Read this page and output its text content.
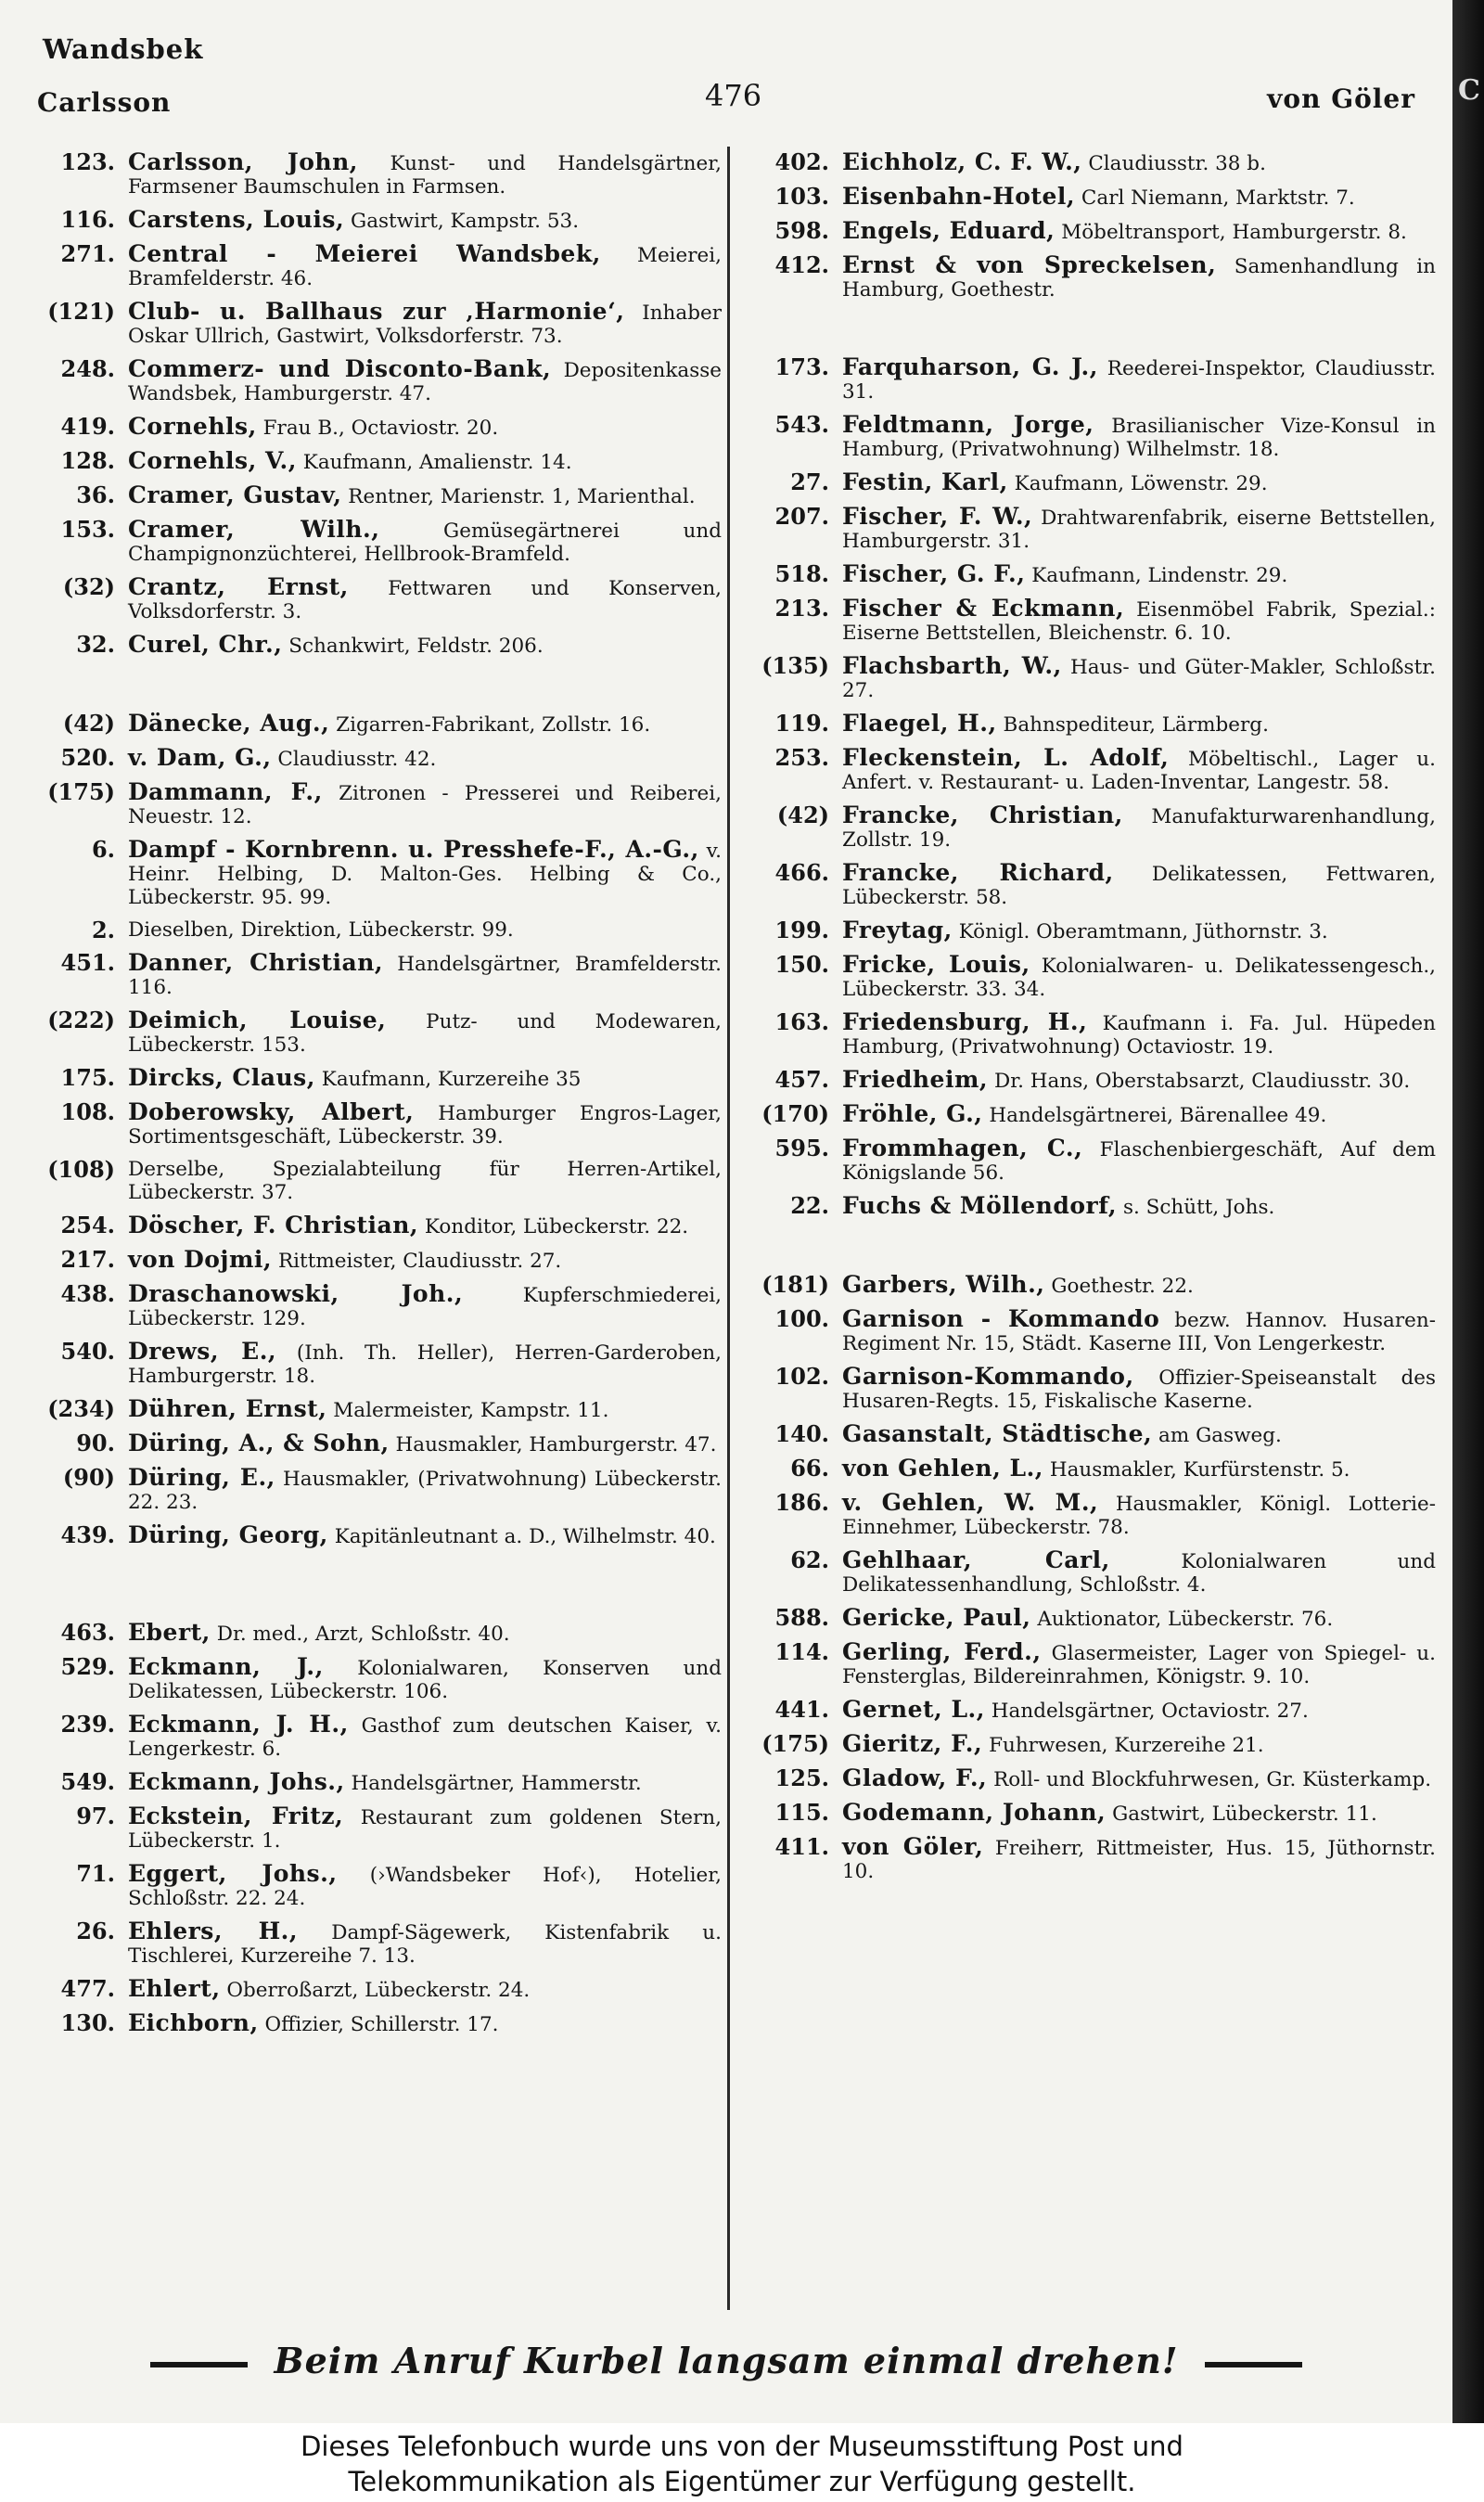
Wandsbek
Carlsson	476	von Göler
123. Carlsson, John, Kunst- und Handelsgärtner, Farmsener Baumschulen in Farmsen.
116. Carstens, Louis, Gastwirt, Kampstr. 53.
271. Central - Meierei Wandsbek, Meierei, Bramfelderstr. 46.
(121) Club- u. Ballhaus zur ‚Harmonie‘, Inhaber Oskar Ullrich, Gastwirt, Volksdorferstr. 73.
248. Commerz- und Disconto-Bank, Depositenkasse Wandsbek, Hamburgerstr. 47.
419. Cornehls, Frau B., Octaviostr. 20.
128. Cornehls, V., Kaufmann, Amalienstr. 14.
36. Cramer, Gustav, Rentner, Marienstr. 1, Marienthal.
153. Cramer, Wilh.,	Gemüsegärtnerei und Champignonzüchterei, Hellbrook-Bramfeld.
(32) Crantz, Ernst, Fettwaren und Konserven, Volksdorferstr. 3.
32. Curel, Chr., Schankwirt, Feldstr. 206.
(42) Dänecke, Aug., Zigarren-Fabrikant, Zollstr. 16.
520. v. Dam, G., Claudiusstr. 42.
(175) Dammann, F., Zitronen - Presserei und Reiberei, Neuestr. 12.
6. Dampf - Kornbrenn. u. Presshefe-F., A.-G., v. Heinr. Helbing, D. Malton-Ges. Helbing & Co., Lübeckerstr. 95. 99.
2. Dieselben, Direktion, Lübeckerstr. 99.
451. Danner, Christian, Handelsgärtner, Bramfelderstr. 116.
(222) Deimich, Louise, Putz- und Modewaren, Lübeckerstr. 153.
175. Dircks, Claus, Kaufmann, Kurzereihe 35
108. Doberowsky, Albert, Hamburger Engros-Lager, Sortimentsgeschäft, Lübeckerstr. 39.
(108) Derselbe, Spezialabteilung für Herren-Artikel, Lübeckerstr. 37.
254. Döscher, F. Christian, Konditor, Lübeckerstr. 22.
217. von Dojmi, Rittmeister, Claudiusstr. 27.
438. Draschanowski, Joh.,	Kupferschmiederei, Lübeckerstr. 129.
540. Drews, E., (Inh. Th. Heller), Herren-Garderoben, Hamburgerstr. 18.
(234) Dühren, Ernst, Malermeister, Kampstr. 11.
90. Düring, A., & Sohn, Hausmakler, Hamburgerstr. 47.
(90) Düring, E., Hausmakler, (Privatwohnung) Lübeckerstr. 22. 23.
439. Düring, Georg, Kapitänleutnant a. D., Wilhelmstr. 40.
463. Ebert, Dr. med., Arzt, Schloßstr. 40.
529. Eckmann, J., Kolonialwaren, Konserven und Delikatessen, Lübeckerstr. 106.
239. Eckmann, J. H., Gasthof zum deutschen Kaiser, v. Lengerkestr. 6.
549. Eckmann, Johs., Handelsgärtner, Hammerstr.
97. Eckstein, Fritz, Restaurant zum goldenen Stern, Lübeckerstr. 1.
71. Eggert, Johs., (›Wandsbeker Hof‹), Hotelier, Schloßstr. 22. 24.
26. Ehlers, H., Dampf-Sägewerk, Kistenfabrik u. Tischlerei, Kurzereihe 7. 13.
477. Ehlert, Oberroßarzt, Lübeckerstr. 24.
130. Eichborn, Offizier, Schillerstr. 17.
402. Eichholz, C. F. W., Claudiusstr. 38 b.
103. Eisenbahn-Hotel, Carl Niemann, Marktstr. 7.
598. Engels, Eduard, Möbeltransport, Hamburgerstr. 8.
412. Ernst & von Spreckelsen, Samenhandlung in Hamburg, Goethestr.
173. Farquharson, G. J., Reederei-Inspektor, Claudiusstr. 31.
543. Feldtmann, Jorge, Brasilianischer Vize-Konsul in Hamburg, (Privatwohnung) Wilhelmstr. 18.
27. Festin, Karl, Kaufmann, Löwenstr. 29.
207. Fischer, F. W., Drahtwarenfabrik, eiserne Bettstellen, Hamburgerstr. 31.
518. Fischer, G. F., Kaufmann, Lindenstr. 29.
213. Fischer & Eckmann, Eisenmöbel Fabrik, Spezial.: Eiserne Bettstellen, Bleichenstr. 6. 10.
(135) Flachsbarth, W., Haus- und Güter-Makler, Schloßstr. 27.
119. Flaegel, H., Bahnspediteur, Lärmberg.
253. Fleckenstein, L. Adolf, Möbeltischl., Lager u. Anfert. v. Restaurant- u. Laden-Inventar, Langestr. 58.
(42) Francke, Christian, Manufakturwarenhandlung, Zollstr. 19.
466. Francke, Richard, Delikatessen, Fettwaren, Lübeckerstr. 58.
199. Freytag, Königl. Oberamtmann, Jüthornstr. 3.
150. Fricke, Louis, Kolonialwaren- u. Delikatessengesch., Lübeckerstr. 33. 34.
163. Friedensburg, H., Kaufmann i. Fa. Jul. Hüpeden Hamburg, (Privatwohnung) Octaviostr. 19.
457. Friedheim, Dr. Hans, Oberstabsarzt, Claudiusstr. 30.
(170) Fröhle, G., Handelsgärtnerei, Bärenallee 49.
595. Frommhagen, C., Flaschenbiergeschäft, Auf dem Königslande 56.
22. Fuchs & Möllendorf, s. Schütt, Johs.
(181) Garbers, Wilh., Goethestr. 22.
100. Garnison - Kommando bezw. Hannov. Husaren-Regiment Nr. 15, Städt. Kaserne III, Von Lengerkestr.
102. Garnison-Kommando, Offizier-Speiseanstalt des Husaren-Regts. 15, Fiskalische Kaserne.
140. Gasanstalt, Städtische, am Gasweg.
66. von Gehlen, L., Hausmakler, Kurfürstenstr. 5.
186. v. Gehlen, W. M., Hausmakler, Königl. Lotterie-Einnehmer, Lübeckerstr. 78.
62. Gehlhaar, Carl,	Kolonialwaren und Delikatessenhandlung, Schloßstr. 4.
588. Gericke, Paul, Auktionator, Lübeckerstr. 76.
114. Gerling, Ferd., Glasermeister, Lager von Spiegel- u. Fensterglas, Bildereinrahmen, Königstr. 9. 10.
441. Gernet, L., Handelsgärtner, Octaviostr. 27.
(175) Gieritz, F., Fuhrwesen, Kurzereihe 21.
125. Gladow, F., Roll- und Blockfuhrwesen, Gr. Küsterkamp.
115. Godemann, Johann, Gastwirt, Lübeckerstr. 11.
411. von Göler, Freiherr, Rittmeister, Hus. 15, Jüthornstr. 10.
Beim Anruf Kurbel langsam einmal drehen!
C
Dieses Telefonbuch wurde uns von der Museumsstiftung Post und
Telekommunikation als Eigentümer zur Verfügung gestellt.
